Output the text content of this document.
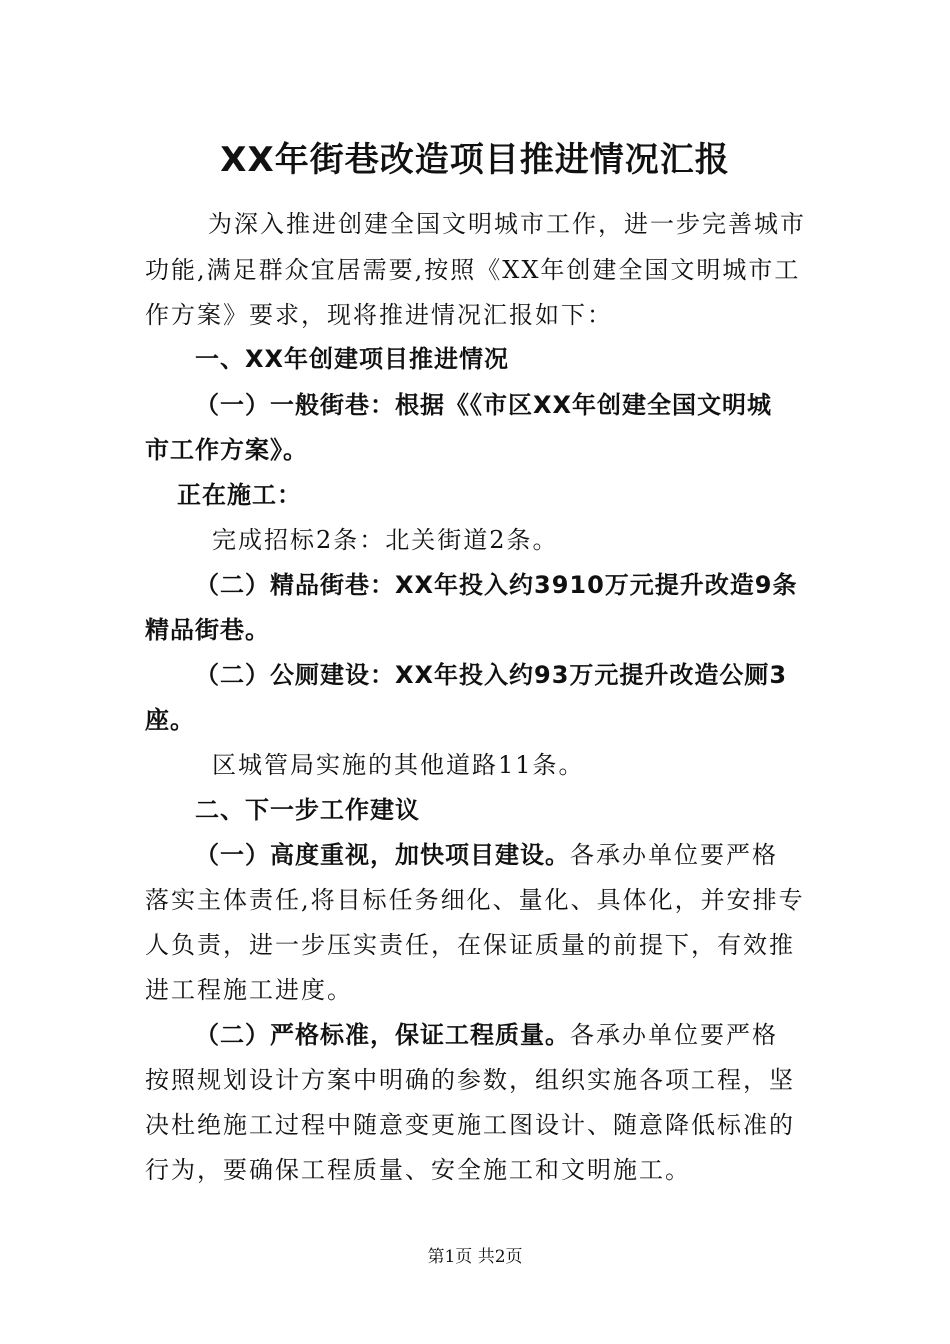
XX年街巷改造项目推进情况汇报
为深入推进创建全国文明城市工作，进一步完善城市
功能,满足群众宜居需要,按照《XX年创建全国文明城市工
作方案》要求，现将推进情况汇报如下：
一、XX年创建项目推进情况
（一）一般街巷：根据《《市区XX年创建全国文明城
市工作方案》。
正在施工：
完成招标2条：北关街道2条。
（二）精品街巷：XX年投入约3910万元提升改造9条
精品街巷。
（二）公厕建设：XX年投入约93万元提升改造公厕3
座。
区城管局实施的其他道路11条。
二、下一步工作建议
（一）高度重视，加快项目建设。各承办单位要严格
落实主体责任,将目标任务细化、量化、具体化，并安排专
人负责，进一步压实责任，在保证质量的前提下，有效推
进工程施工进度。
（二）严格标准，保证工程质量。各承办单位要严格
按照规划设计方案中明确的参数，组织实施各项工程，坚
决杜绝施工过程中随意变更施工图设计、随意降低标准的
行为，要确保工程质量、安全施工和文明施工。
第1页 共2页
